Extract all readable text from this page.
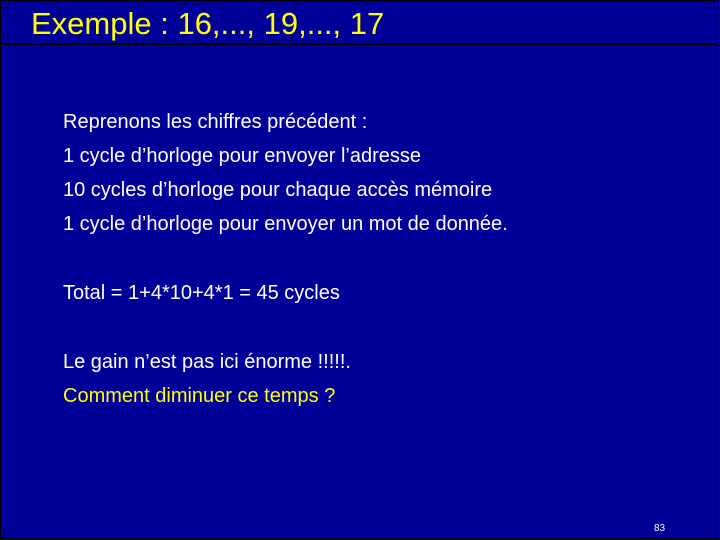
Exemple : 16,..., 19,..., 17
Reprenons les chiffres précédent :
1 cycle d’horloge pour envoyer l’adresse
10 cycles d’horloge pour chaque accès mémoire
1 cycle d’horloge pour envoyer un mot de donnée.
Total = 1+4*10+4*1 = 45 cycles
Le gain n’est pas ici énorme !!!!!.
Comment diminuer ce temps ?
83
